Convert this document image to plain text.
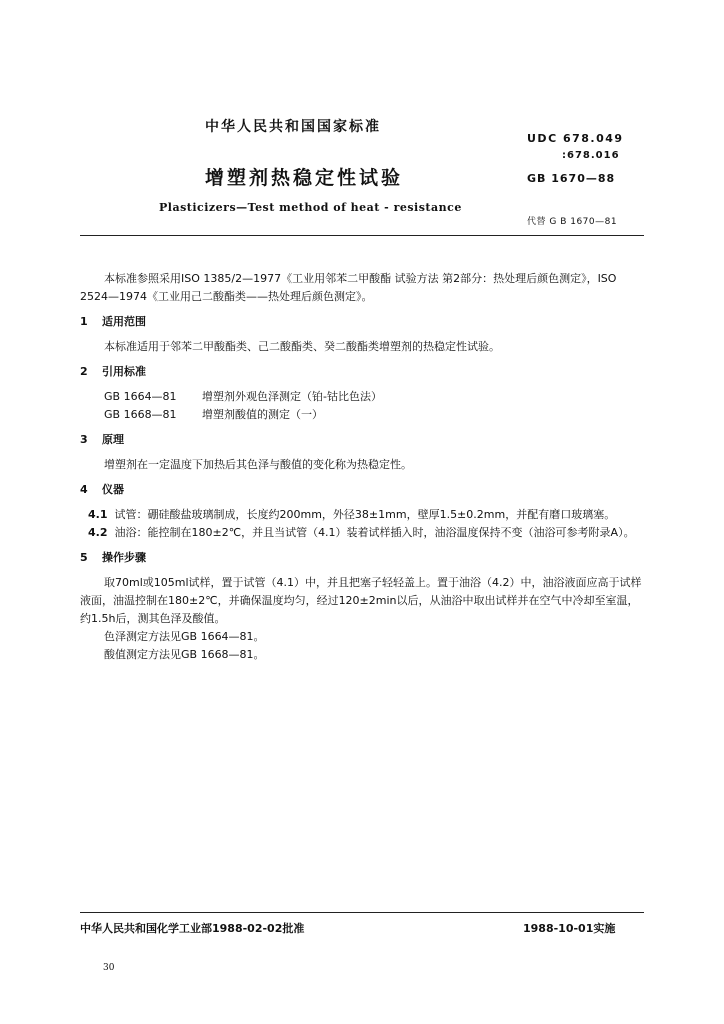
中华人民共和国国家标准
增塑剂热稳定性试验
Plasticizers—Test method of heat - resistance
UDC 678.049
:678.016
GB 1670—88
代替 G B 1670—81

本标准参照采用ISO 1385/2—1977《工业用邻苯二甲酸酯 试验方法 第2部分：热处理后颜色测定》，ISO 2524—1974《工业用己二酸酯类——热处理后颜色测定》。

1 适用范围

本标准适用于邻苯二甲酸酯类、己二酸酯类、癸二酸酯类增塑剂的热稳定性试验。

2 引用标准
GB 1664—81 增塑剂外观色泽测定（铂-钴比色法）
GB 1668—81 增塑剂酸值的测定（一）
3 原理

增塑剂在一定温度下加热后其色泽与酸值的变化称为热稳定性。

4 仪器

4.1 试管：硼硅酸盐玻璃制成，长度约200mm，外径38±1mm，壁厚1.5±0.2mm，并配有磨口玻璃塞。

4.2 油浴：能控制在180±2℃，并且当试管（4.1）装着试样插入时，油浴温度保持不变（油浴可参考附录A）。

5 操作步骤

取70ml或105ml试样，置于试管（4.1）中，并且把塞子轻轻盖上。置于油浴（4.2）中，油浴液面应高于试样液面，油温控制在180±2℃，并确保温度均匀，经过120±2min以后，从油浴中取出试样并在空气中冷却至室温，约1.5h后，测其色泽及酸值。

色泽测定方法见GB 1664—81。

酸值测定方法见GB 1668—81。

中华人民共和国化学工业部1988-02-02批准	1988-10-01实施
30
